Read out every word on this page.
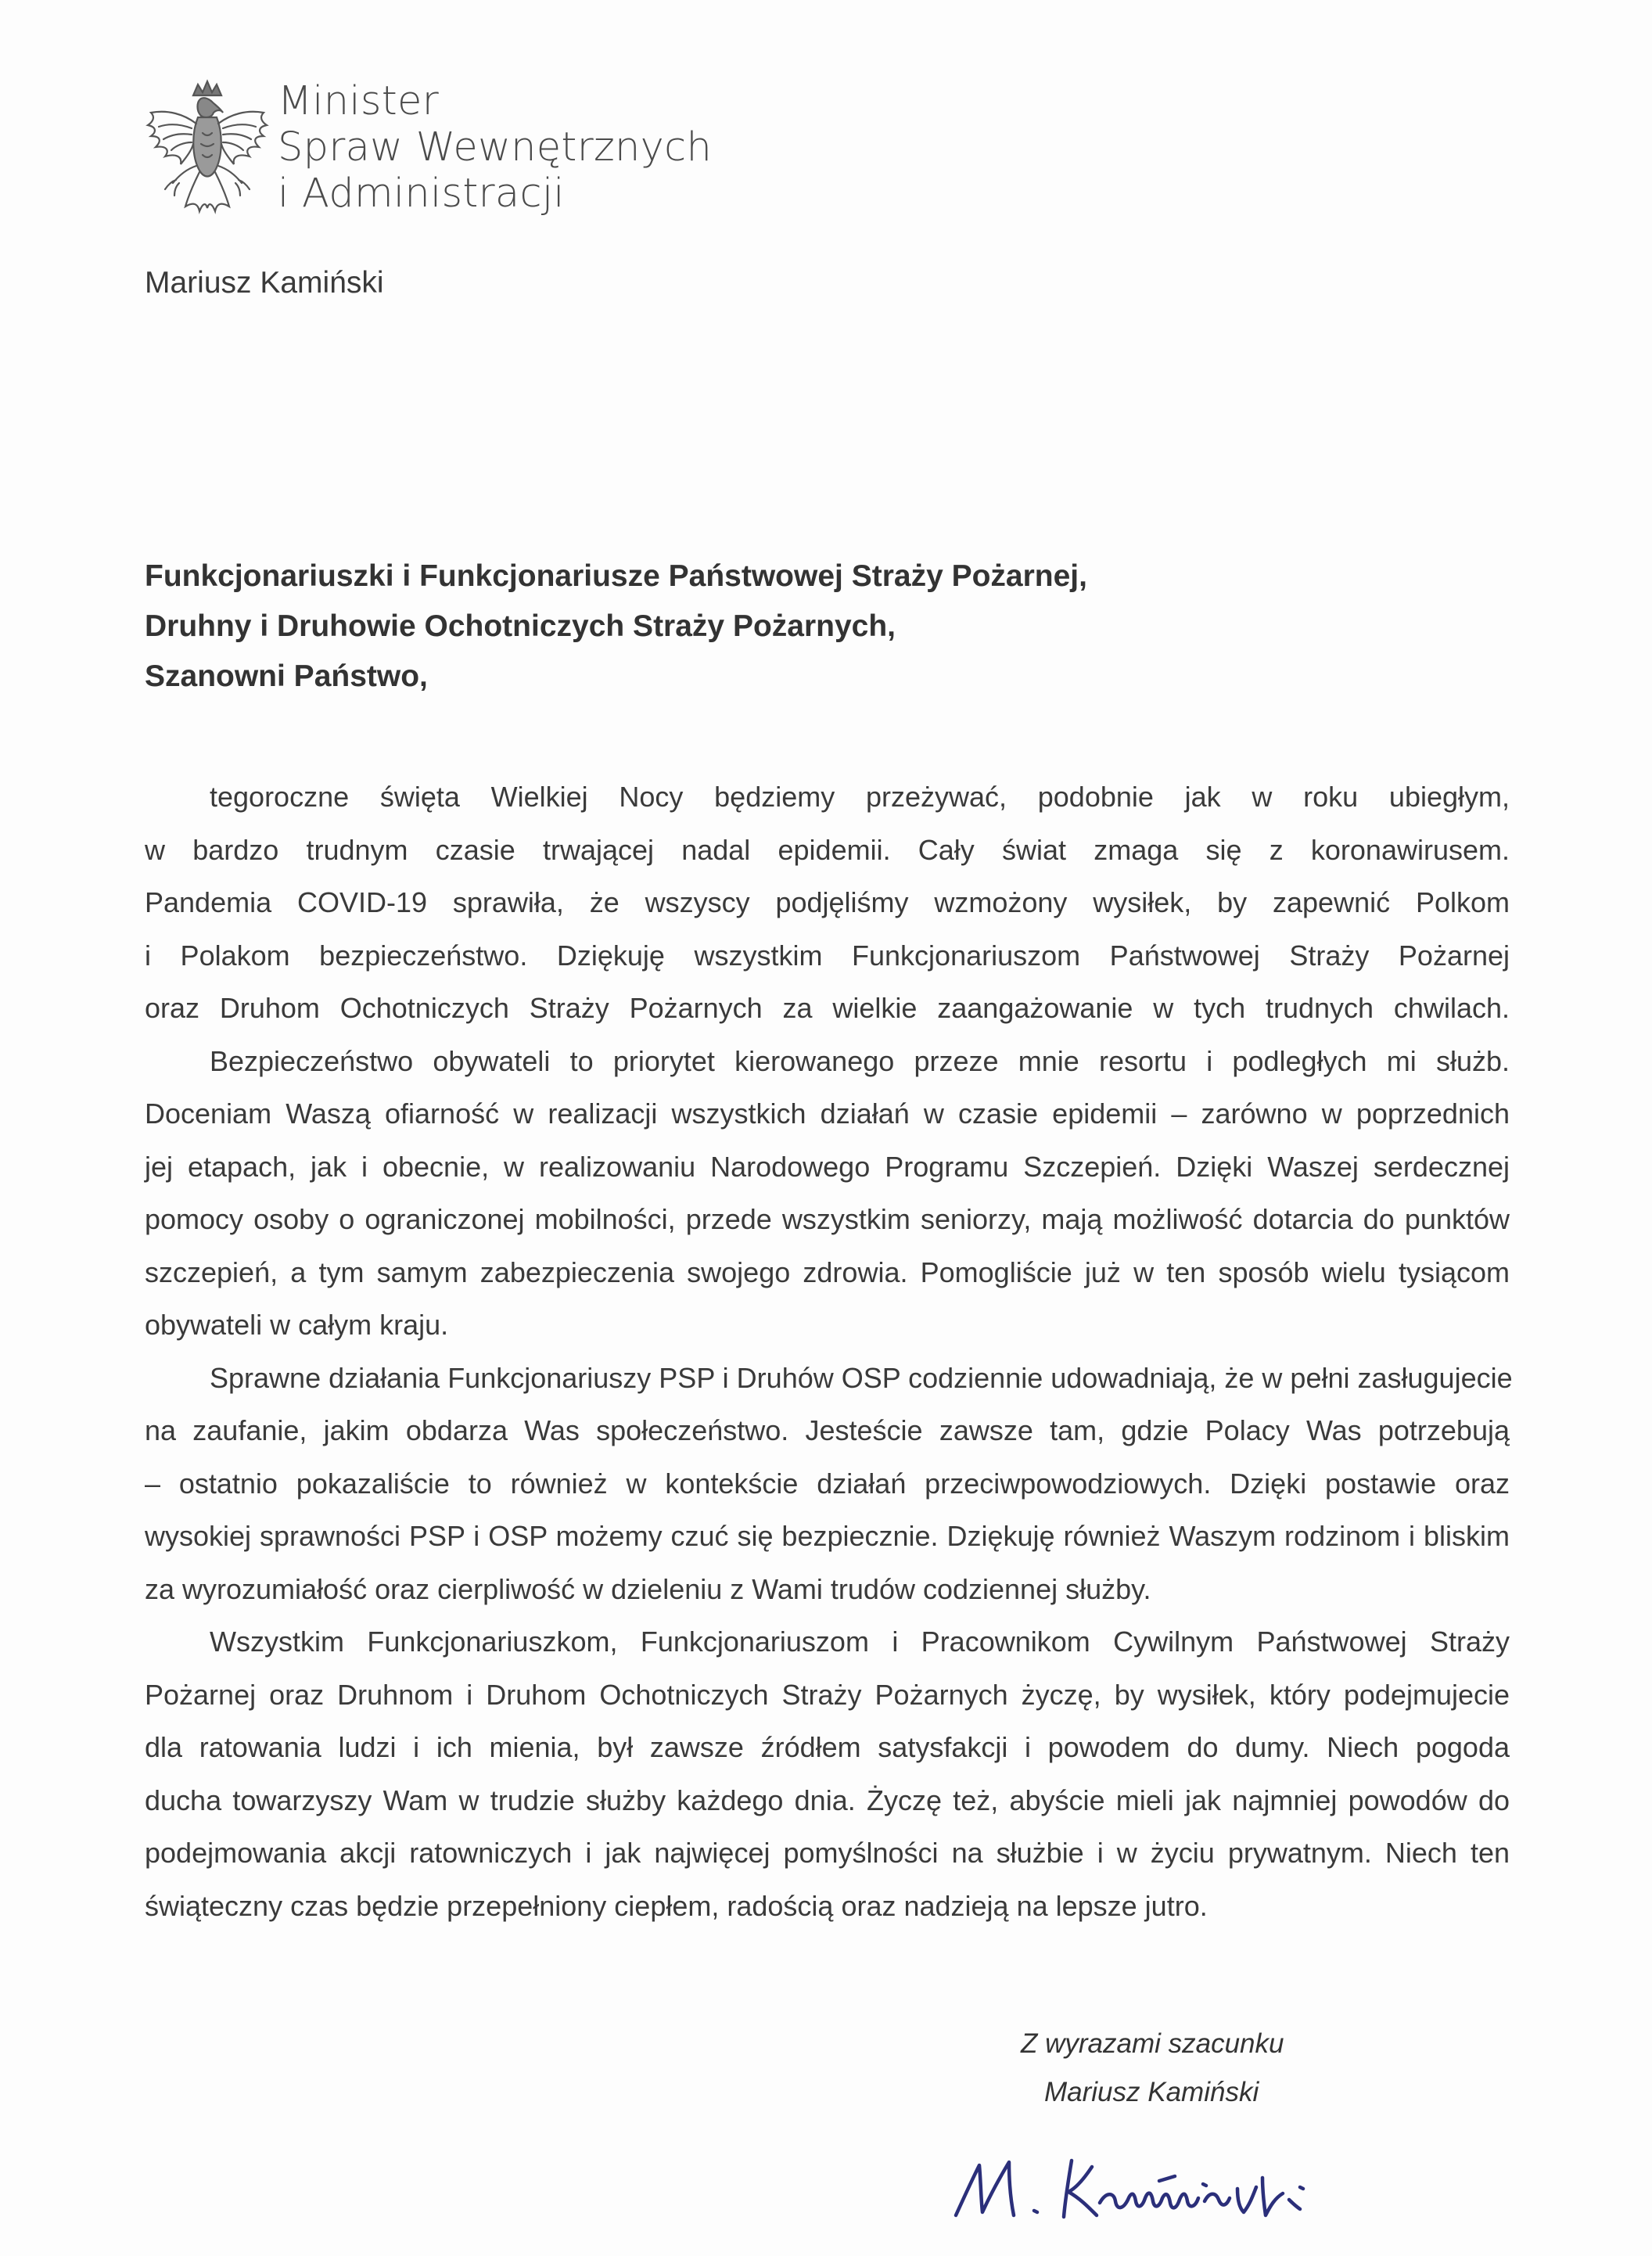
Minister
Spraw Wewnętrznych
i Administracji
Mariusz Kamiński
Funkcjonariuszki i Funkcjonariusze Państwowej Straży Pożarnej,
Druhny i Druhowie Ochotniczych Straży Pożarnych,
Szanowni Państwo,

tegoroczne święta Wielkiej Nocy będziemy przeżywać, podobnie jak w roku ubiegłym,
w bardzo trudnym czasie trwającej nadal epidemii. Cały świat zmaga się z koronawirusem.
Pandemia COVID-19 sprawiła, że wszyscy podjęliśmy wzmożony wysiłek, by zapewnić Polkom
i Polakom bezpieczeństwo. Dziękuję wszystkim Funkcjonariuszom Państwowej Straży Pożarnej
oraz Druhom Ochotniczych Straży Pożarnych za wielkie zaangażowanie w tych trudnych chwilach.

Bezpieczeństwo obywateli to priorytet kierowanego przeze mnie resortu i podległych mi służb.
Doceniam Waszą ofiarność w realizacji wszystkich działań w czasie epidemii – zarówno w poprzednich
jej etapach, jak i obecnie, w realizowaniu Narodowego Programu Szczepień. Dzięki Waszej serdecznej
pomocy osoby o ograniczonej mobilności, przede wszystkim seniorzy, mają możliwość dotarcia do punktów
szczepień, a tym samym zabezpieczenia swojego zdrowia. Pomogliście już w ten sposób wielu tysiącom
obywateli w całym kraju.

Sprawne działania Funkcjonariuszy PSP i Druhów OSP codziennie udowadniają, że w pełni zasługujecie
na zaufanie, jakim obdarza Was społeczeństwo. Jesteście zawsze tam, gdzie Polacy Was potrzebują
– ostatnio pokazaliście to również w kontekście działań przeciwpowodziowych. Dzięki postawie oraz
wysokiej sprawności PSP i OSP możemy czuć się bezpiecznie. Dziękuję również Waszym rodzinom i bliskim
za wyrozumiałość oraz cierpliwość w dzieleniu z Wami trudów codziennej służby.

Wszystkim Funkcjonariuszkom, Funkcjonariuszom i Pracownikom Cywilnym Państwowej Straży
Pożarnej oraz Druhnom i Druhom Ochotniczych Straży Pożarnych życzę, by wysiłek, który podejmujecie
dla ratowania ludzi i ich mienia, był zawsze źródłem satysfakcji i powodem do dumy. Niech pogoda
ducha towarzyszy Wam w trudzie służby każdego dnia. Życzę też, abyście mieli jak najmniej powodów do
podejmowania akcji ratowniczych i jak najwięcej pomyślności na służbie i w życiu prywatnym. Niech ten
świąteczny czas będzie przepełniony ciepłem, radością oraz nadzieją na lepsze jutro.

Z wyrazami szacunku
Mariusz Kamiński
